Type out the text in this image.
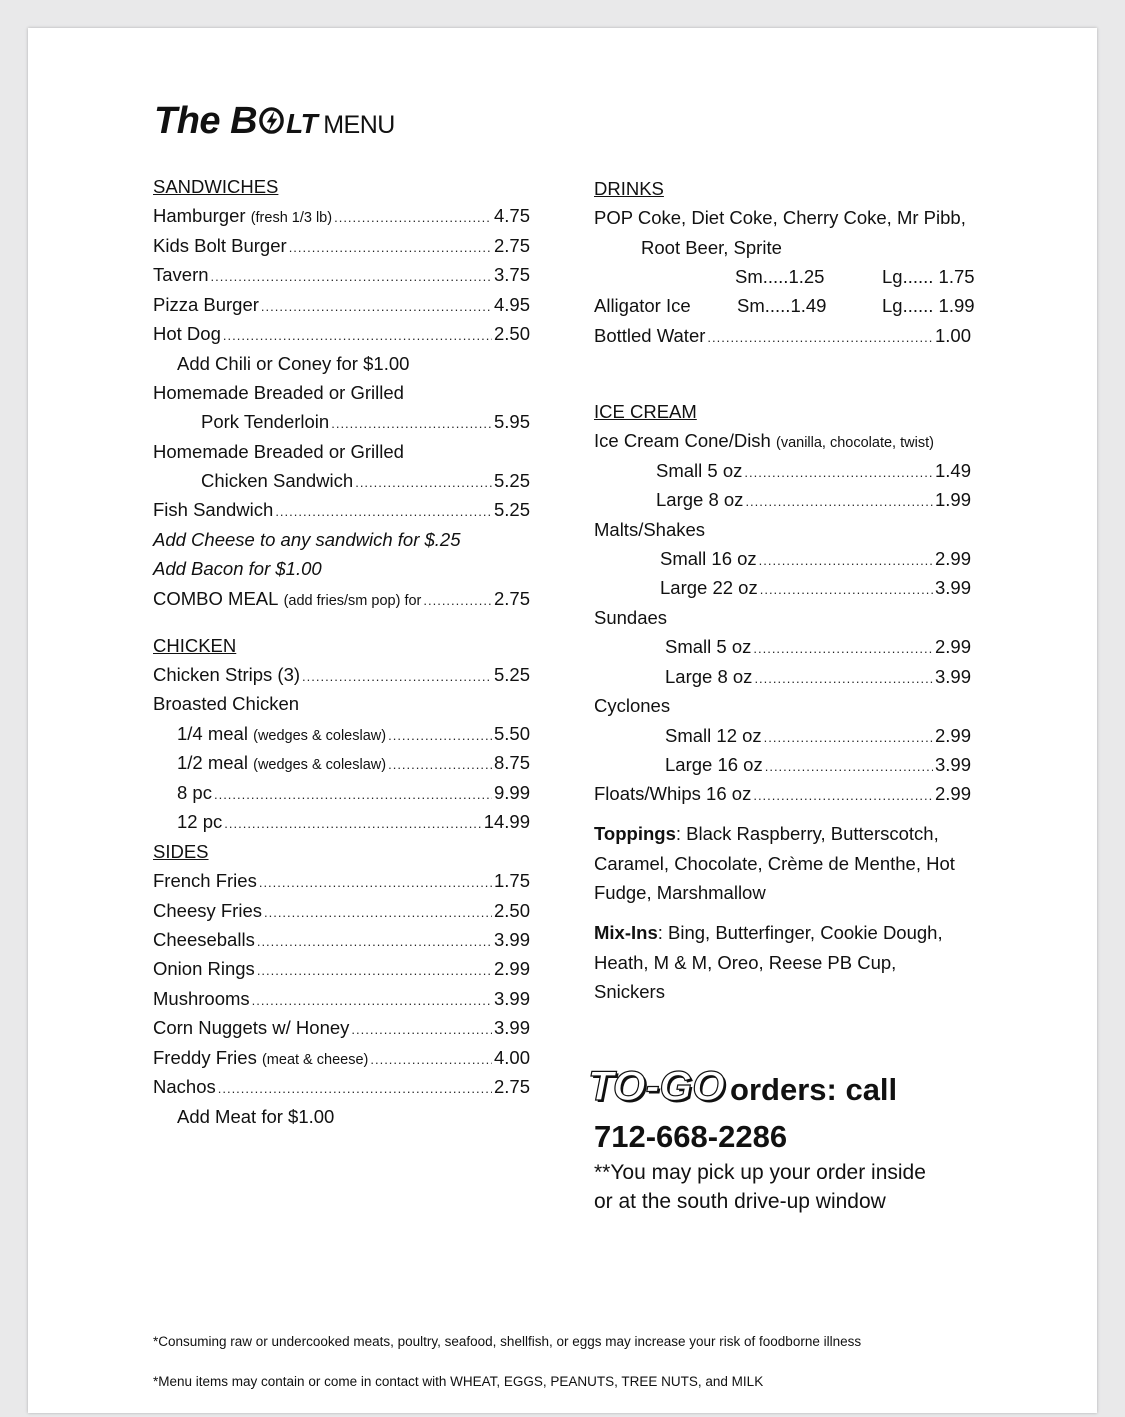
The B LT MENU
SANDWICHES
Hamburger
(fresh 1/3 lb) .....	4.75
Kids Bolt Burger .....	2.75
Tavern .....	3.75
Pizza Burger .....	4.95
Hot Dog .....	2.50
Add Chili or Coney for $1.00
Homemade Breaded or Grilled
Pork Tenderloin .....	5.95
Homemade Breaded or Grilled
Chicken Sandwich .....	5.25
Fish Sandwich .....	5.25
Add Cheese to any sandwich for $.25
Add Bacon for $1.00
COMBO MEAL
(add fries/sm pop) for .....	2.75
CHICKEN
Chicken Strips (3) .....	5.25
Broasted Chicken
1/4 meal
(wedges & coleslaw) .....	5.50
1/2 meal
(wedges & coleslaw) .....	8.75
8 pc .....	9.99
12 pc .....	14.99
SIDES
French Fries .....	1.75
Cheesy Fries .....	2.50
Cheeseballs .....	3.99
Onion Rings .....	2.99
Mushrooms .....	3.99
Corn Nuggets w/ Honey .....	3.99
Freddy Fries
(meat & cheese) .....	4.00
Nachos .....	2.75
Add Meat for $1.00
DRINKS
POP Coke, Diet Coke, Cherry Coke, Mr Pibb,
Root Beer, Sprite
Sm.....1.25	Lg...... 1.75
Alligator Ice	Sm.....1.49	Lg...... 1.99
Bottled Water .....	1.00
ICE CREAM
Ice Cream Cone/Dish (vanilla, chocolate, twist)
Small 5 oz .....	1.49
Large 8 oz .....	1.99
Malts/Shakes
Small 16 oz .....	2.99
Large 22 oz .....	3.99
Sundaes
Small 5 oz .....	2.99
Large 8 oz .....	3.99
Cyclones
Small 12 oz .....	2.99
Large 16 oz .....	3.99
Floats/Whips 16 oz .....	2.99
Toppings: Black Raspberry, Butterscotch,
Caramel, Chocolate, Crème de Menthe, Hot
Fudge, Marshmallow
Mix-Ins: Bing, Butterfinger, Cookie Dough,
Heath, M & M, Oreo, Reese PB Cup,
Snickers
TO-GO orders: call
712-668-2286
**You may pick up your order inside
or at the south drive-up window
*Consuming raw or undercooked meats, poultry, seafood, shellfish, or eggs may increase your risk of foodborne illness
*Menu items may contain or come in contact with WHEAT, EGGS, PEANUTS, TREE NUTS, and MILK
